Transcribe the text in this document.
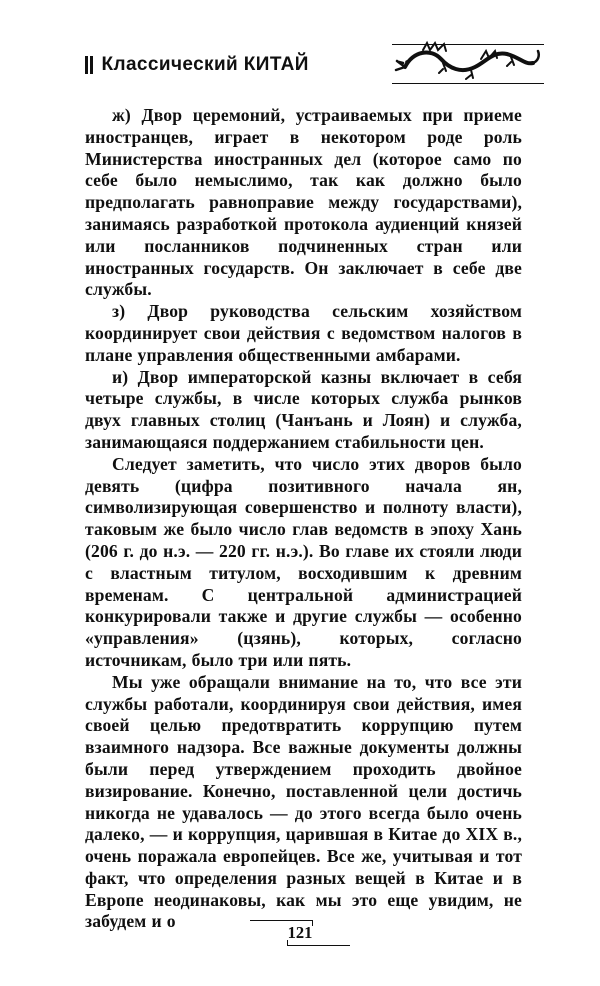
Классический КИТАЙ

ж) Двор церемоний, устраиваемых при приеме иностранцев, играет в некотором роде роль Министерства иностранных дел (которое само по себе было немыслимо, так как должно было предполагать равноправие между государствами), занимаясь разработкой протокола аудиенций князей или посланников подчиненных стран или иностранных государств. Он заключает в себе две службы.

з) Двор руководства сельским хозяйством координирует свои действия с ведомством налогов в плане управления общественными амбарами.

и) Двор императорской казны включает в себя четыре службы, в числе которых служба рынков двух главных столиц (Чанъань и Лоян) и служба, занимающаяся поддержанием стабильности цен.

Следует заметить, что число этих дворов было девять (цифра позитивного начала ян, символизирующая совершенство и полноту власти), таковым же было число глав ведомств в эпоху Хань (206 г. до н.э. — 220 гг. н.э.). Во главе их стояли люди с властным титулом, восходившим к древним временам. С центральной администрацией конкурировали также и другие службы — особенно «управления» (цзянь), которых, согласно источникам, было три или пять.

Мы уже обращали внимание на то, что все эти службы работали, координируя свои действия, имея своей целью предотвратить коррупцию путем взаимного надзора. Все важные документы должны были перед утверждением проходить двойное визирование. Конечно, поставленной цели достичь никогда не удавалось — до этого всегда было очень далеко, — и коррупция, царившая в Китае до XIX в., очень поражала европейцев. Все же, учитывая и тот факт, что определения разных вещей в Китае и в Европе неодинаковы, как мы это еще увидим, не забудем и о

121
